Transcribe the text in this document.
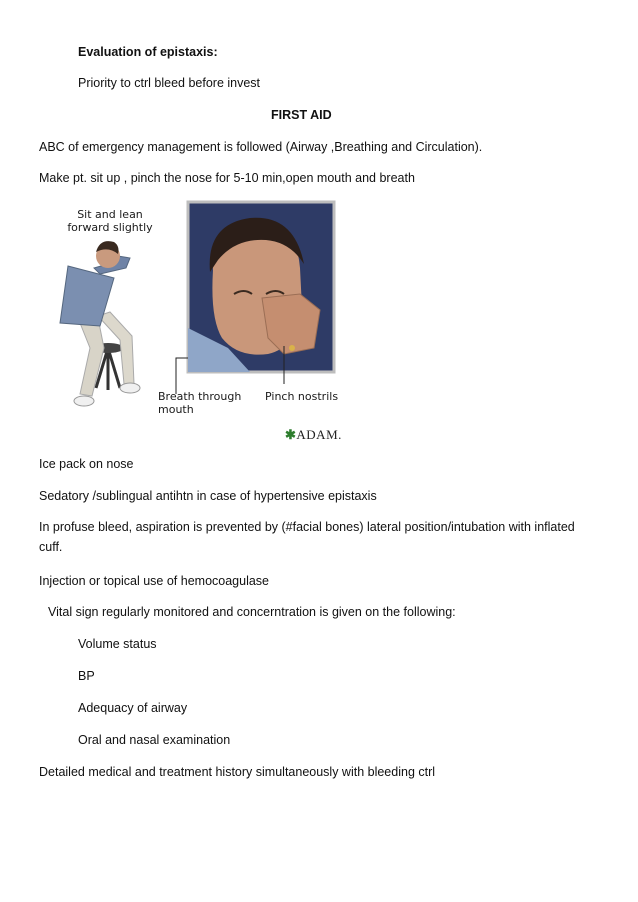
Evaluation of epistaxis:
Priority to ctrl bleed before invest
FIRST AID
ABC of emergency management is followed (Airway ,Breathing and Circulation).
Make pt. sit up , pinch the nose for 5-10 min,open mouth and breath
Sit and lean
forward slightly
Breath through
mouth
Pinch nostrils
✱ADAM.
Ice pack on nose
Sedatory /sublingual antihtn in case of hypertensive epistaxis
In profuse bleed, aspiration is prevented by (#facial bones) lateral position/intubation with inflated cuff.
Injection or topical use of hemocoagulase
Vital sign regularly monitored and concerntration is given on the following:
Volume status
BP
Adequacy of airway
Oral and nasal examination
Detailed medical and treatment history simultaneously with bleeding ctrl
